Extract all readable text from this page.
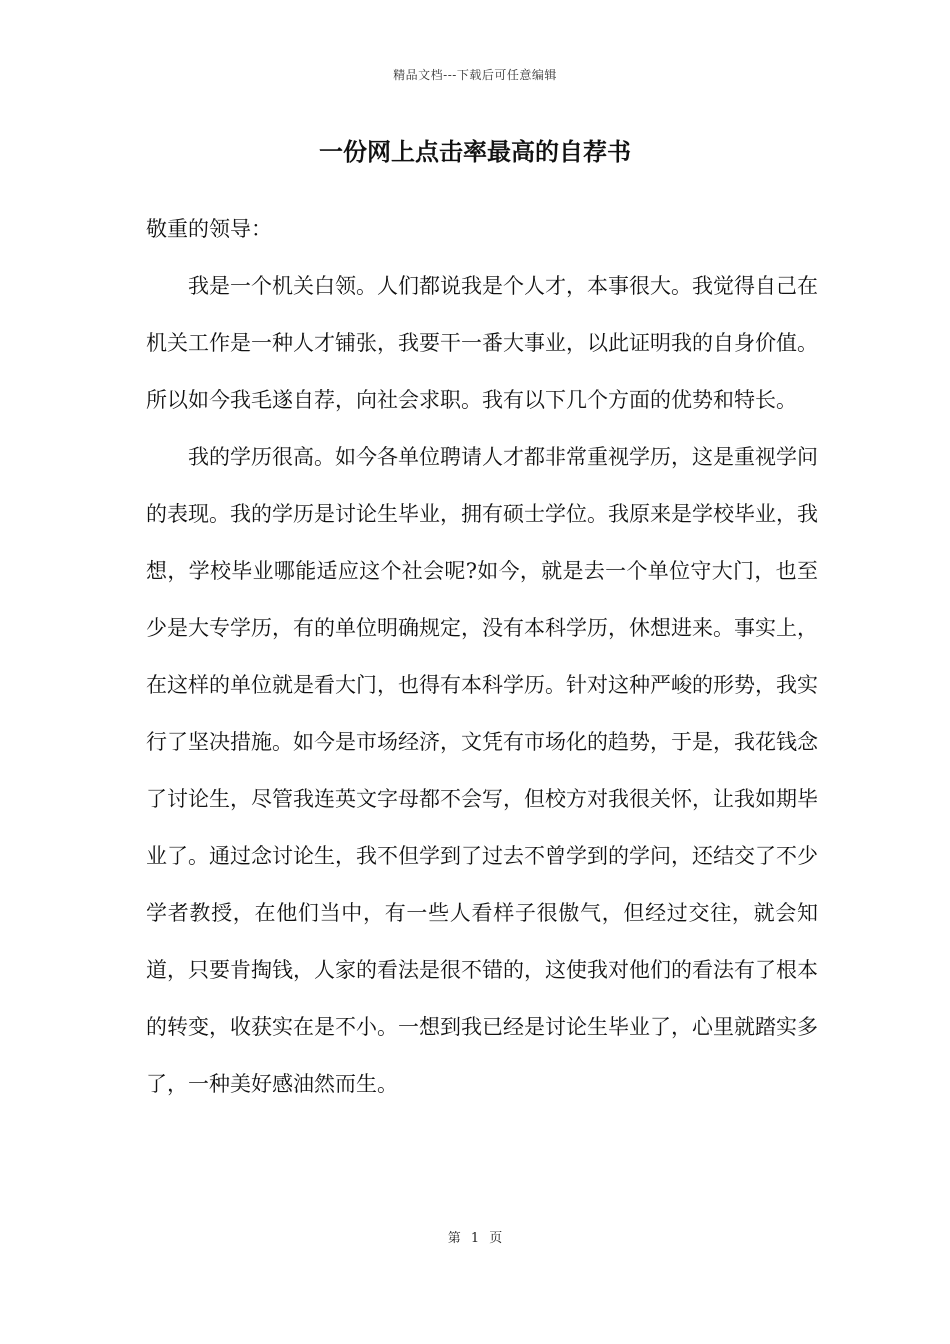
精品文档---下载后可任意编辑
一份网上点击率最高的自荐书

敬重的领导：

我是一个机关白领。人们都说我是个人才，本事很大。我觉得自己在机关工作是一种人才铺张，我要干一番大事业，以此证明我的自身价值。所以如今我毛遂自荐，向社会求职。我有以下几个方面的优势和特长。

我的学历很高。如今各单位聘请人才都非常重视学历，这是重视学问的表现。我的学历是讨论生毕业，拥有硕士学位。我原来是学校毕业，我想，学校毕业哪能适应这个社会呢?如今，就是去一个单位守大门，也至少是大专学历，有的单位明确规定，没有本科学历，休想进来。事实上，在这样的单位就是看大门，也得有本科学历。针对这种严峻的形势，我实行了坚决措施。如今是市场经济，文凭有市场化的趋势，于是，我花钱念了讨论生，尽管我连英文字母都不会写，但校方对我很关怀，让我如期毕业了。通过念讨论生，我不但学到了过去不曾学到的学问，还结交了不少学者教授，在他们当中，有一些人看样子很傲气，但经过交往，就会知道，只要肯掏钱，人家的看法是很不错的，这使我对他们的看法有了根本的转变，收获实在是不小。一想到我已经是讨论生毕业了，心里就踏实多了，一种美好感油然而生。

第 1 页
